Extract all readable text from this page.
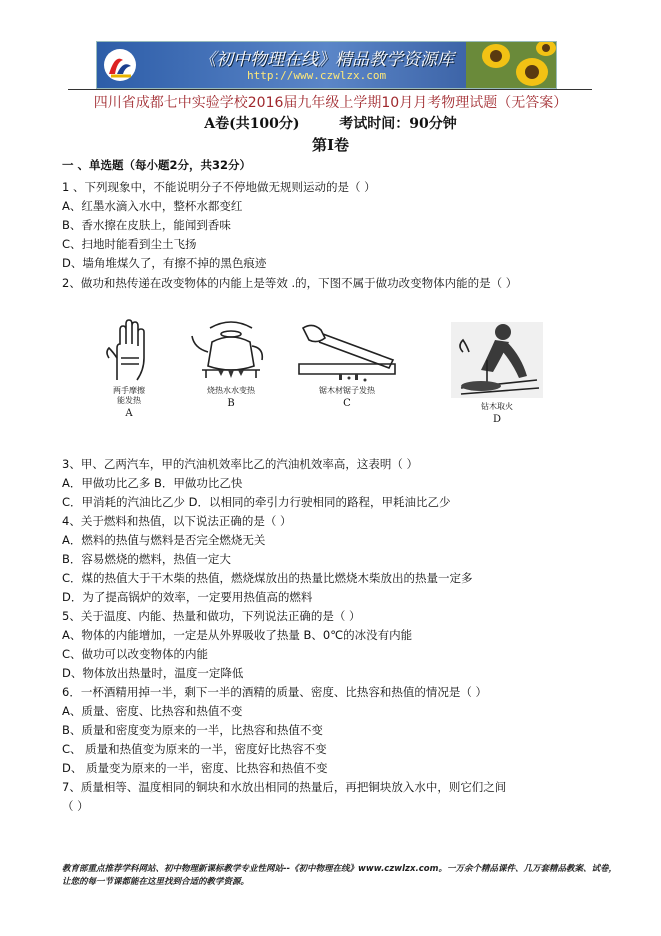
《初中物理在线》精品教学资源库
http://www.czwlzx.com
四川省成都七中实验学校2016届九年级上学期10月月考物理试题（无答案）
A卷(共100分)	考试时间：90分钟
第Ⅰ卷
一 、单选题（每小题2分，共32分）
1 、下列现象中，不能说明分子不停地做无规则运动的是（ ）
A、红墨水滴入水中，整杯水都变红
B、香水擦在皮肤上，能闻到香味
C、扫地时能看到尘土飞扬
D、墙角堆煤久了，有擦不掉的黑色痕迹
2、做功和热传递在改变物体的内能上是等效 .的，下图不属于做功改变物体内能的是（ ）
两手摩擦
能发热
A
烧热水水变热
B
锯木材锯子发热
C	钻木取火
D
3、甲、乙两汽车，甲的汽油机效率比乙的汽油机效率高，这表明（ ）
A．甲做功比乙多 B．甲做功比乙快
C．甲消耗的汽油比乙少 D．以相同的牵引力行驶相同的路程，甲耗油比乙少
4、关于燃料和热值，以下说法正确的是（ ）
A．燃料的热值与燃料是否完全燃烧无关
B．容易燃烧的燃料，热值一定大
C．煤的热值大于干木柴的热值，燃烧煤放出的热量比燃烧木柴放出的热量一定多
D．为了提高锅炉的效率，一定要用热值高的燃料
5、关于温度、内能、热量和做功，下列说法正确的是（ ）
A、物体的内能增加，一定是从外界吸收了热量 B、0℃的冰没有内能
C、做功可以改变物体的内能
D、物体放出热量时，温度一定降低
6．一杯酒精用掉一半，剩下一半的酒精的质量、密度、比热容和热值的情况是（ ）
A、质量、密度、比热容和热值不变
B、质量和密度变为原来的一半，比热容和热值不变
C、 质量和热值变为原来的一半，密度好比热容不变
D、 质量变为原来的一半，密度、比热容和热值不变
7、质量相等、温度相同的铜块和水放出相同的热量后，再把铜块放入水中，则它们之间
（ ）
教育部重点推荐学科网站、初中物理新课标教学专业性网站--《初中物理在线》www.czwlzx.com。一万余个精品课件、几万套精品教案、试卷，让您的每一节课都能在这里找到合适的教学资源。
